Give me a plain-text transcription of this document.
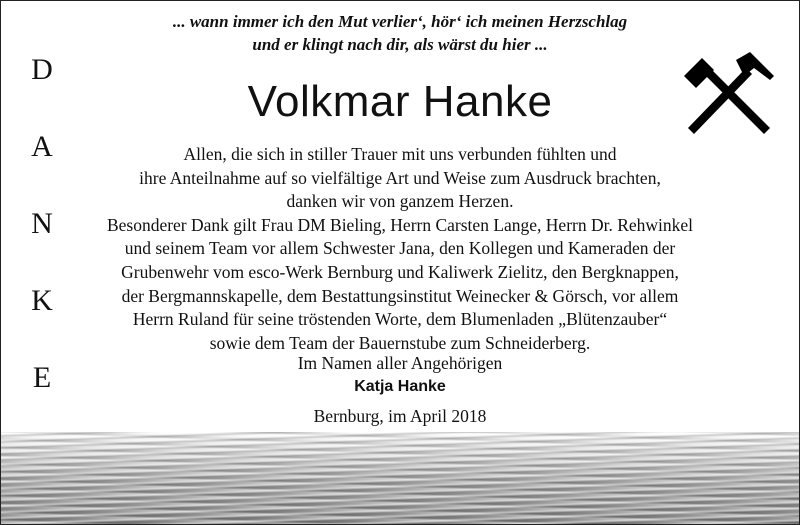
D
A
N
K
E
... wann immer ich den Mut verlier‘, hör‘ ich meinen Herzschlag
und er klingt nach dir, als wärst du hier ...
Volkmar Hanke
Allen, die sich in stiller Trauer mit uns verbunden fühlten und
ihre Anteilnahme auf so vielfältige Art und Weise zum Ausdruck brachten,
danken wir von ganzem Herzen.
Besonderer Dank gilt Frau DM Bieling, Herrn Carsten Lange, Herrn Dr. Rehwinkel
und seinem Team vor allem Schwester Jana, den Kollegen und Kameraden der
Grubenwehr vom esco-Werk Bernburg und Kaliwerk Zielitz, den Bergknappen,
der Bergmannskapelle, dem Bestattungsinstitut Weinecker & Görsch, vor allem
Herrn Ruland für seine tröstenden Worte, dem Blumenladen „Blütenzauber“
sowie dem Team der Bauernstube zum Schneiderberg.
Im Namen aller Angehörigen
Katja Hanke
Bernburg, im April 2018
